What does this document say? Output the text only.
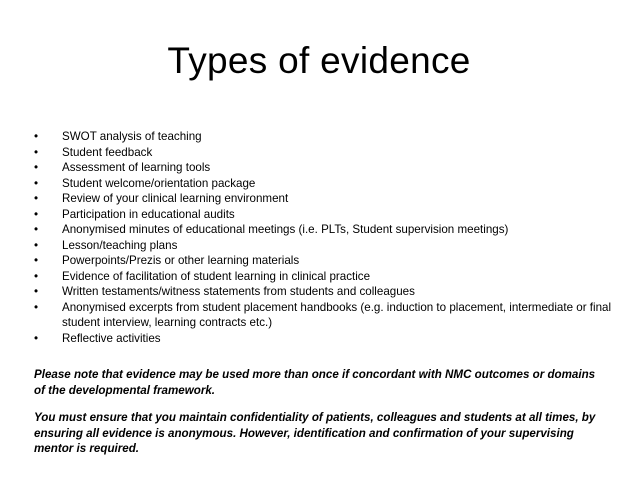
Types of evidence
• SWOT analysis of teaching
• Student feedback
• Assessment of learning tools
• Student welcome/orientation package
• Review of your clinical learning environment
• Participation in educational audits
• Anonymised minutes of educational meetings (i.e. PLTs, Student supervision meetings)
• Lesson/teaching plans
• Powerpoints/Prezis or other learning materials
• Evidence of facilitation of student learning in clinical practice
• Written testaments/witness statements from students and colleagues
• Anonymised excerpts from student placement handbooks (e.g. induction to placement, intermediate or final student interview, learning contracts etc.)
• Reflective activities

Please note that evidence may be used more than once if concordant with NMC outcomes or domains of the developmental framework.

You must ensure that you maintain confidentiality of patients, colleagues and students at all times, by ensuring all evidence is anonymous. However, identification and confirmation of your supervising mentor is required.
